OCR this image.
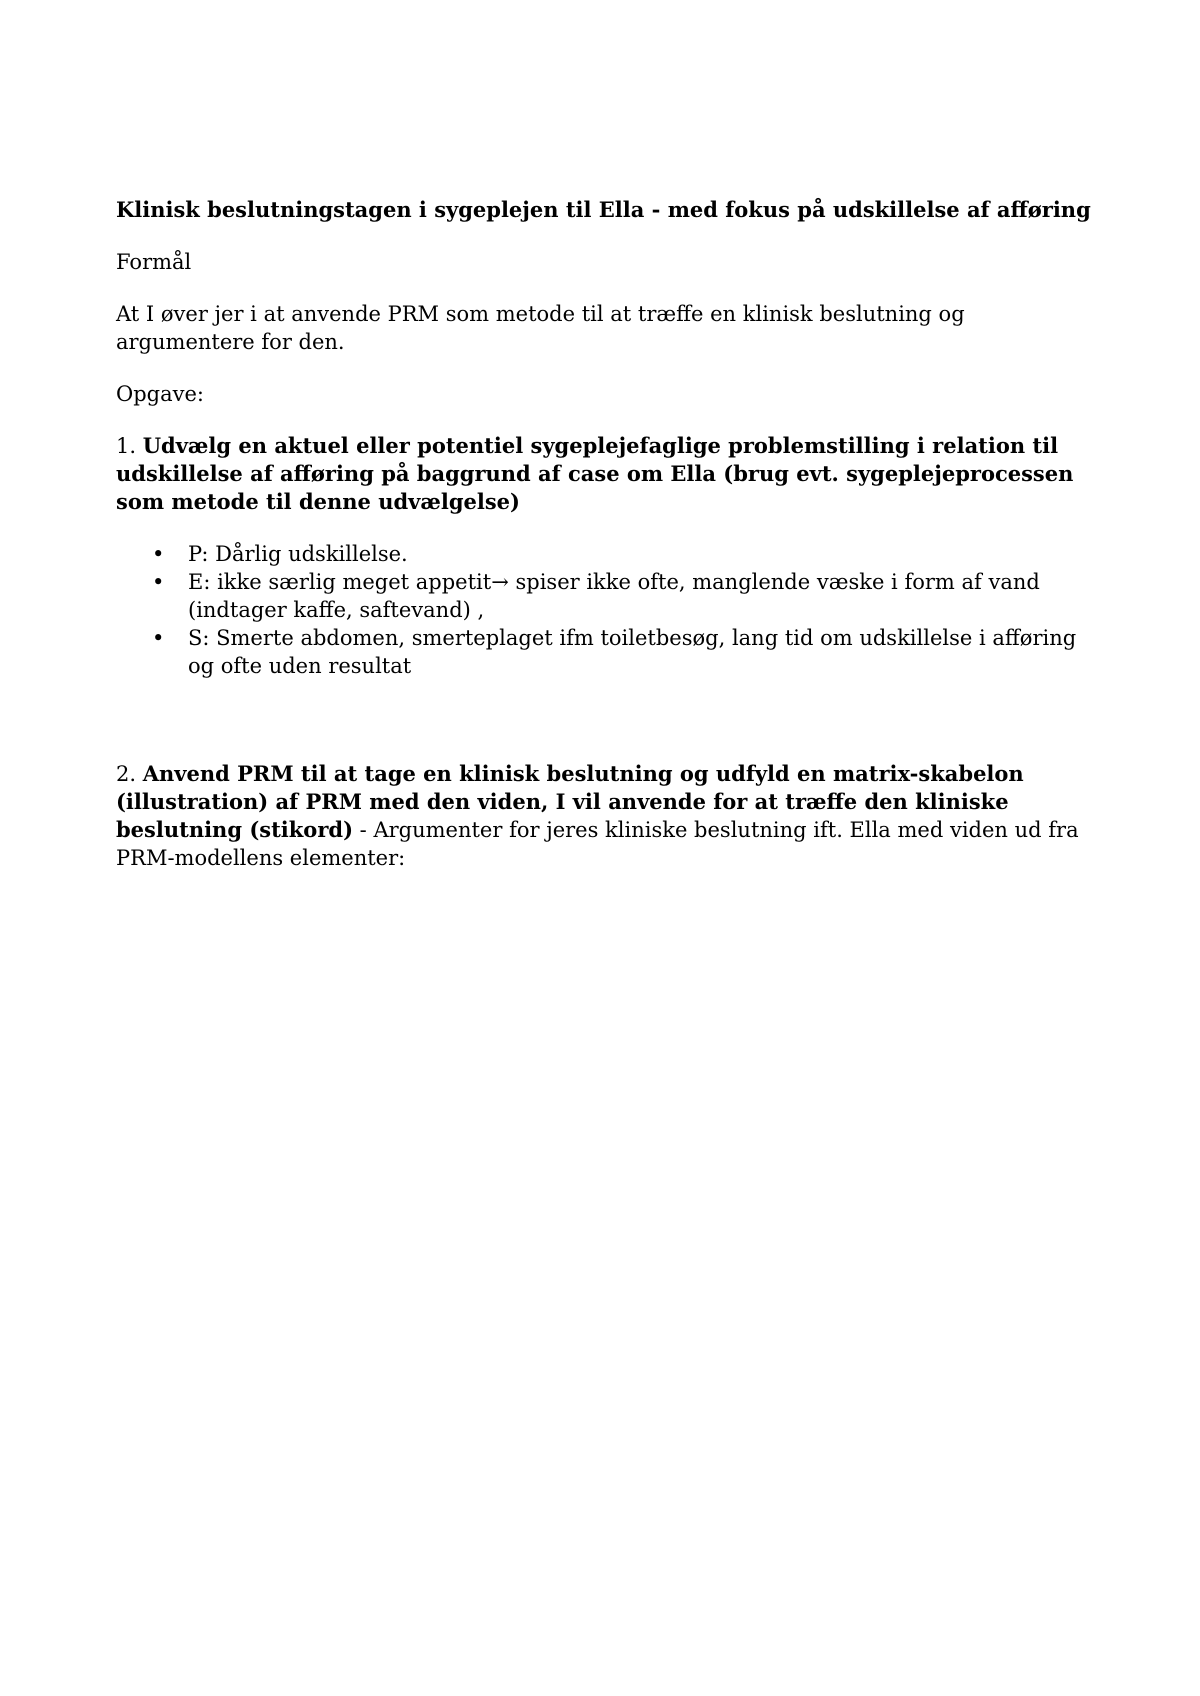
Klinisk beslutningstagen i sygeplejen til Ella - med fokus på udskillelse af afføring

Formål

At I øver jer i at anvende PRM som metode til at træffe en klinisk beslutning og argumentere for den.

Opgave:

1. Udvælg en aktuel eller potentiel sygeplejefaglige problemstilling i relation til udskillelse af afføring på baggrund af case om Ella (brug evt. sygeplejeprocessen som metode til denne udvælgelse)

•	P: Dårlig udskillelse.
•	E: ikke særlig meget appetit→ spiser ikke ofte, manglende væske i form af vand (indtager kaffe, saftevand) ,
•	S: Smerte abdomen, smerteplaget ifm toiletbesøg, lang tid om udskillelse i afføring og ofte uden resultat

2. Anvend PRM til at tage en klinisk beslutning og udfyld en matrix-skabelon (illustration) af PRM med den viden, I vil anvende for at træffe den kliniske beslutning (stikord) - Argumenter for jeres kliniske beslutning ift. Ella med viden ud fra PRM-modellens elementer:
